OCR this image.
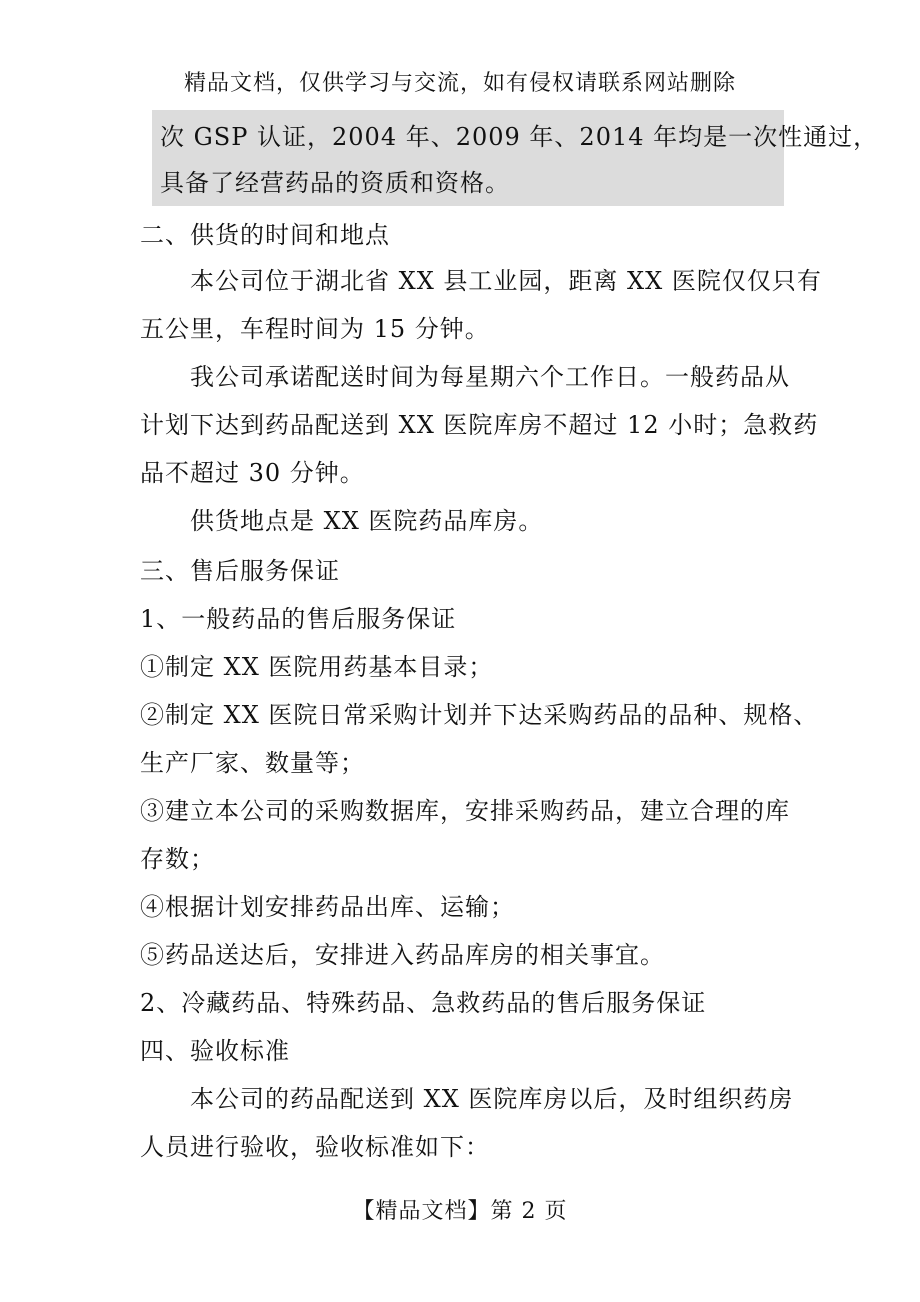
精品文档，仅供学习与交流，如有侵权请联系网站删除
次 GSP 认证，2004 年、2009 年、2014 年均是一次性通过，
具备了经营药品的资质和资格。
二、供货的时间和地点
本公司位于湖北省 XX 县工业园，距离 XX 医院仅仅只有
五公里，车程时间为 15 分钟。
我公司承诺配送时间为每星期六个工作日。一般药品从
计划下达到药品配送到 XX 医院库房不超过 12 小时；急救药
品不超过 30 分钟。
供货地点是 XX 医院药品库房。
三、售后服务保证
1、一般药品的售后服务保证
①制定 XX 医院用药基本目录；
②制定 XX 医院日常采购计划并下达采购药品的品种、规格、
生产厂家、数量等；
③建立本公司的采购数据库，安排采购药品，建立合理的库
存数；
④根据计划安排药品出库、运输；
⑤药品送达后，安排进入药品库房的相关事宜。
2、冷藏药品、特殊药品、急救药品的售后服务保证
四、验收标准
本公司的药品配送到 XX 医院库房以后，及时组织药房
人员进行验收，验收标准如下：
【精品文档】第 2 页
